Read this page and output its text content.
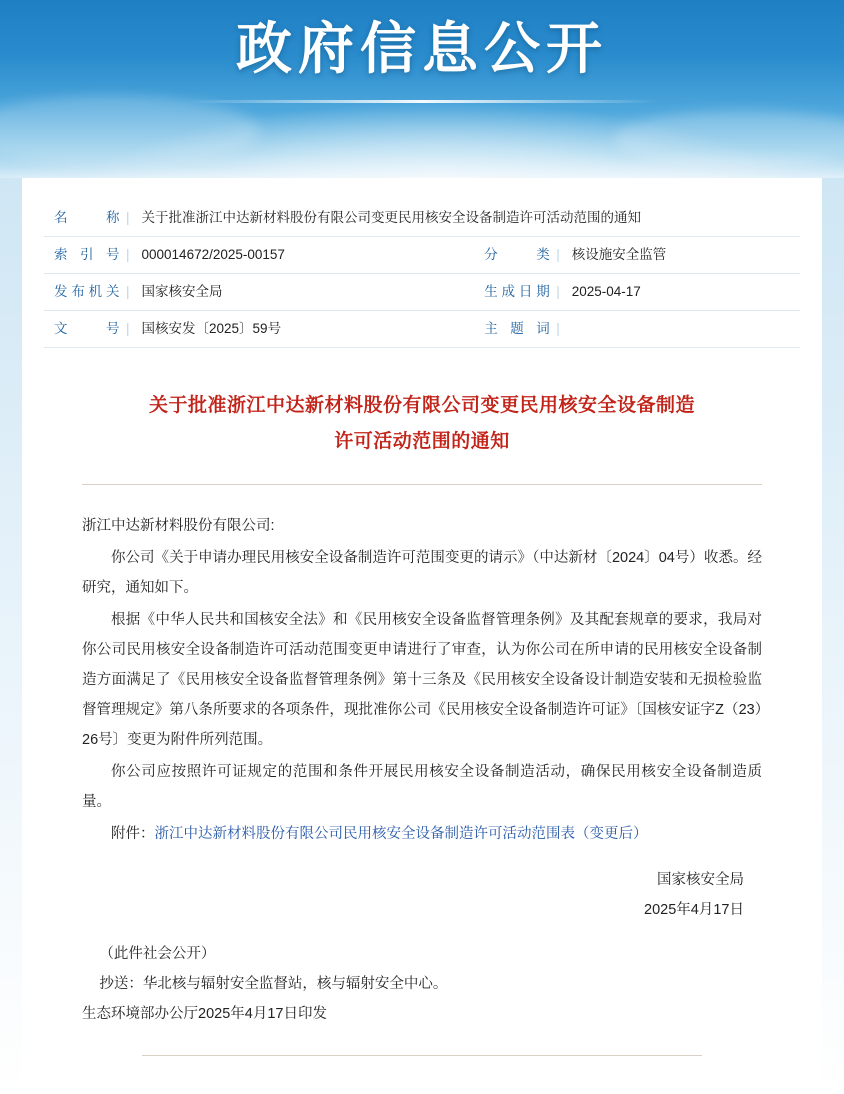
政府信息公开
名称	|	关于批准浙江中达新材料股份有限公司变更民用核安全设备制造许可活动范围的通知			
索引号	|	000014672/2025-00157	分类	|	核设施安全监管
发布机关	|	国家核安全局	生成日期	|	2025-04-17
文号	|	国核安发〔2025〕59号	主题词	|	
关于批准浙江中达新材料股份有限公司变更民用核安全设备制造
许可活动范围的通知

浙江中达新材料股份有限公司:

你公司《关于申请办理民用核安全设备制造许可范围变更的请示》（中达新材〔2024〕04号）收悉。经研究，通知如下。

根据《中华人民共和国核安全法》和《民用核安全设备监督管理条例》及其配套规章的要求，我局对你公司民用核安全设备制造许可活动范围变更申请进行了审查，认为你公司在所申请的民用核安全设备制造方面满足了《民用核安全设备监督管理条例》第十三条及《民用核安全设备设计制造安装和无损检验监督管理规定》第八条所要求的各项条件，现批准你公司《民用核安全设备制造许可证》〔国核安证字Z（23）26号〕变更为附件所列范围。

你公司应按照许可证规定的范围和条件开展民用核安全设备制造活动，确保民用核安全设备制造质量。

附件：浙江中达新材料股份有限公司民用核安全设备制造许可活动范围表（变更后）

国家核安全局
2025年4月17日
（此件社会公开）
抄送：华北核与辐射安全监督站，核与辐射安全中心。
生态环境部办公厅2025年4月17日印发
